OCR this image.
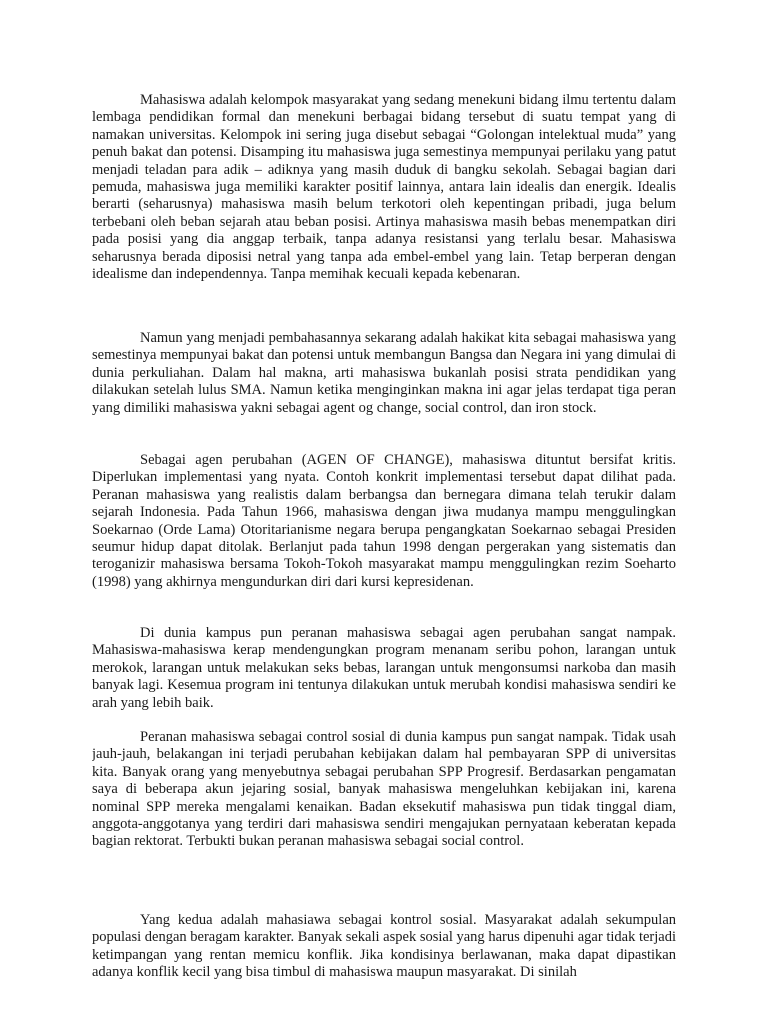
Mahasiswa adalah kelompok masyarakat yang sedang menekuni bidang ilmu tertentu dalam lembaga pendidikan formal dan menekuni berbagai bidang tersebut di suatu tempat yang di namakan universitas. Kelompok ini sering juga disebut sebagai “Golongan intelektual muda” yang penuh bakat dan potensi. Disamping itu mahasiswa juga semestinya mempunyai perilaku yang patut menjadi teladan para adik – adiknya yang masih duduk di bangku sekolah. Sebagai bagian dari pemuda, mahasiswa juga memiliki karakter positif lainnya, antara lain idealis dan energik. Idealis berarti (seharusnya) mahasiswa masih belum terkotori oleh kepentingan pribadi, juga belum terbebani oleh beban sejarah atau beban posisi. Artinya mahasiswa masih bebas menempatkan diri pada posisi yang dia anggap terbaik, tanpa adanya resistansi yang terlalu besar. Mahasiswa seharusnya berada diposisi netral yang tanpa ada embel-embel yang lain. Tetap berperan dengan idealisme dan independennya. Tanpa memihak kecuali kepada kebenaran.

Namun yang menjadi pembahasannya sekarang adalah hakikat kita sebagai mahasiswa yang semestinya mempunyai bakat dan potensi untuk membangun Bangsa dan Negara ini yang dimulai di dunia perkuliahan. Dalam hal makna, arti mahasiswa bukanlah posisi strata pendidikan yang dilakukan setelah lulus SMA. Namun ketika menginginkan makna ini agar jelas terdapat tiga peran yang dimiliki mahasiswa yakni sebagai agent og change, social control, dan iron stock.

Sebagai agen perubahan (AGEN OF CHANGE), mahasiswa dituntut bersifat kritis. Diperlukan implementasi yang nyata. Contoh konkrit implementasi tersebut dapat dilihat pada. Peranan mahasiswa yang realistis dalam berbangsa dan bernegara dimana telah terukir dalam sejarah Indonesia. Pada Tahun 1966, mahasiswa dengan jiwa mudanya mampu menggulingkan Soekarnao (Orde Lama) Otoritarianisme negara berupa pengangkatan Soekarnao sebagai Presiden seumur hidup dapat ditolak. Berlanjut pada tahun 1998 dengan pergerakan yang sistematis dan teroganizir mahasiswa bersama Tokoh-Tokoh masyarakat mampu menggulingkan rezim Soeharto (1998) yang akhirnya mengundurkan diri dari kursi kepresidenan.

Di dunia kampus pun peranan mahasiswa sebagai agen perubahan sangat nampak. Mahasiswa-mahasiswa kerap mendengungkan program menanam seribu pohon, larangan untuk merokok, larangan untuk melakukan seks bebas, larangan untuk mengonsumsi narkoba dan masih banyak lagi. Kesemua program ini tentunya dilakukan untuk merubah kondisi mahasiswa sendiri ke arah yang lebih baik.

Peranan mahasiswa sebagai control sosial di dunia kampus pun sangat nampak. Tidak usah jauh-jauh, belakangan ini terjadi perubahan kebijakan dalam hal pembayaran SPP di universitas kita. Banyak orang yang menyebutnya sebagai perubahan SPP Progresif. Berdasarkan pengamatan saya di beberapa akun jejaring sosial, banyak mahasiswa mengeluhkan kebijakan ini, karena nominal SPP mereka mengalami kenaikan. Badan eksekutif mahasiswa pun tidak tinggal diam, anggota-anggotanya yang terdiri dari mahasiswa sendiri mengajukan pernyataan keberatan kepada bagian rektorat. Terbukti bukan peranan mahasiswa sebagai social control.

Yang kedua adalah mahasiawa sebagai kontrol sosial. Masyarakat adalah sekumpulan populasi dengan beragam karakter. Banyak sekali aspek sosial yang harus dipenuhi agar tidak terjadi ketimpangan yang rentan memicu konflik. Jika kondisinya berlawanan, maka dapat dipastikan adanya konflik kecil yang bisa timbul di mahasiswa maupun masyarakat. Di sinilah
